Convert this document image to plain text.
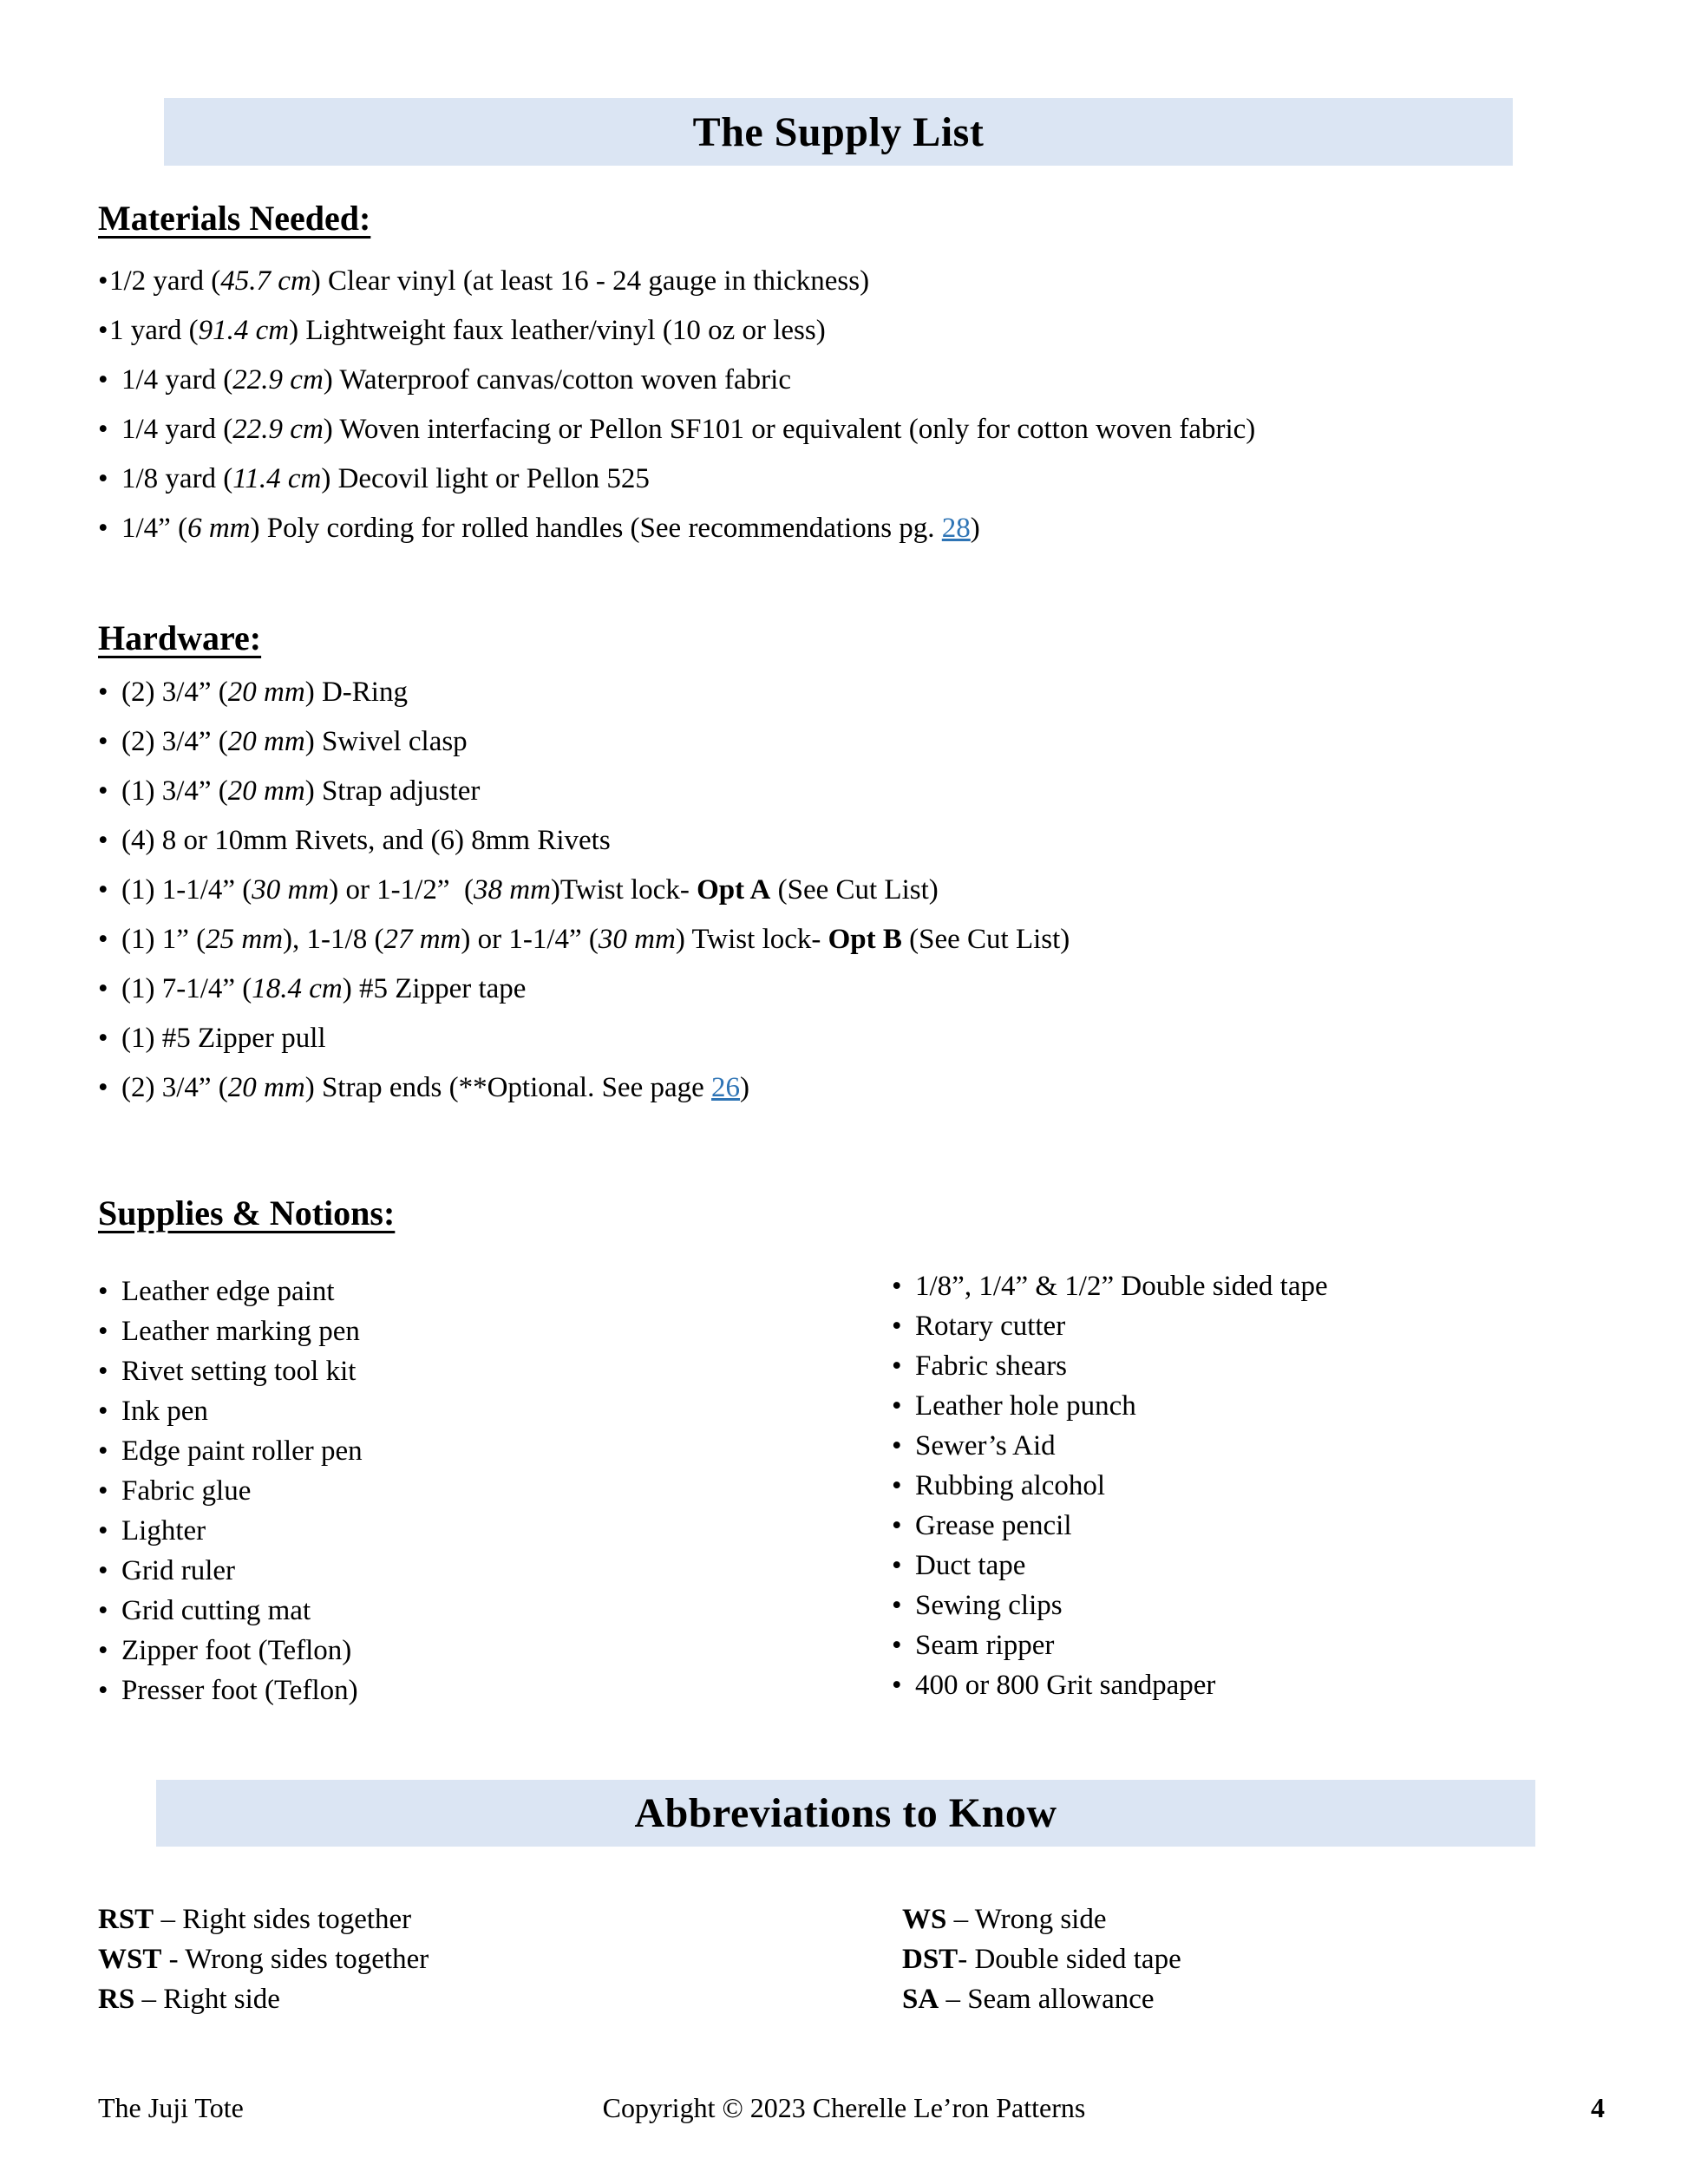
The Supply List
Materials Needed:
• 1/2 yard ( 45.7 cm ) Clear vinyl (at least 16 - 24 gauge in thickness)
• 1 yard ( 91.4 cm ) Lightweight faux leather/vinyl (10 oz or less)
• 1/4 yard ( 22.9 cm ) Waterproof canvas/cotton woven fabric
• 1/4 yard ( 22.9 cm ) Woven interfacing or Pellon SF101 or equivalent (only for cotton woven fabric)
• 1/8 yard ( 11.4 cm ) Decovil light or Pellon 525
• 1/4” ( 6 mm ) Poly cording for rolled handles (See recommendations pg. 28 )
Hardware:
• (2) 3/4” ( 20 mm ) D-Ring
• (2) 3/4” ( 20 mm ) Swivel clasp
• (1) 3/4” ( 20 mm ) Strap adjuster
• (4) 8 or 10mm Rivets, and (6) 8mm Rivets
• (1) 1-1/4” ( 30 mm ) or 1-1/2”  ( 38 mm )Twist lock- Opt A (See Cut List)
• (1) 1” ( 25 mm ), 1-1/8 ( 27 mm ) or 1-1/4” ( 30 mm ) Twist lock- Opt B (See Cut List)
• (1) 7-1/4” ( 18.4 cm ) #5 Zipper tape
• (1) #5 Zipper pull
• (2) 3/4” ( 20 mm ) Strap ends (**Optional. See page 26 )
Supplies & Notions:
• Leather edge paint
• Leather marking pen
• Rivet setting tool kit
• Ink pen
• Edge paint roller pen
• Fabric glue
• Lighter
• Grid ruler
• Grid cutting mat
• Zipper foot (Teflon)
• Presser foot (Teflon)
• 1/8”, 1/4” & 1/2” Double sided tape
• Rotary cutter
• Fabric shears
• Leather hole punch
• Sewer’s Aid
• Rubbing alcohol
• Grease pencil
• Duct tape
• Sewing clips
• Seam ripper
• 400 or 800 Grit sandpaper
Abbreviations to Know
RST – Right sides together
WST - Wrong sides together
RS – Right side
WS – Wrong side
DST - Double sided tape
SA – Seam allowance
The Juji Tote	Copyright © 2023 Cherelle Le’ron Patterns	4
